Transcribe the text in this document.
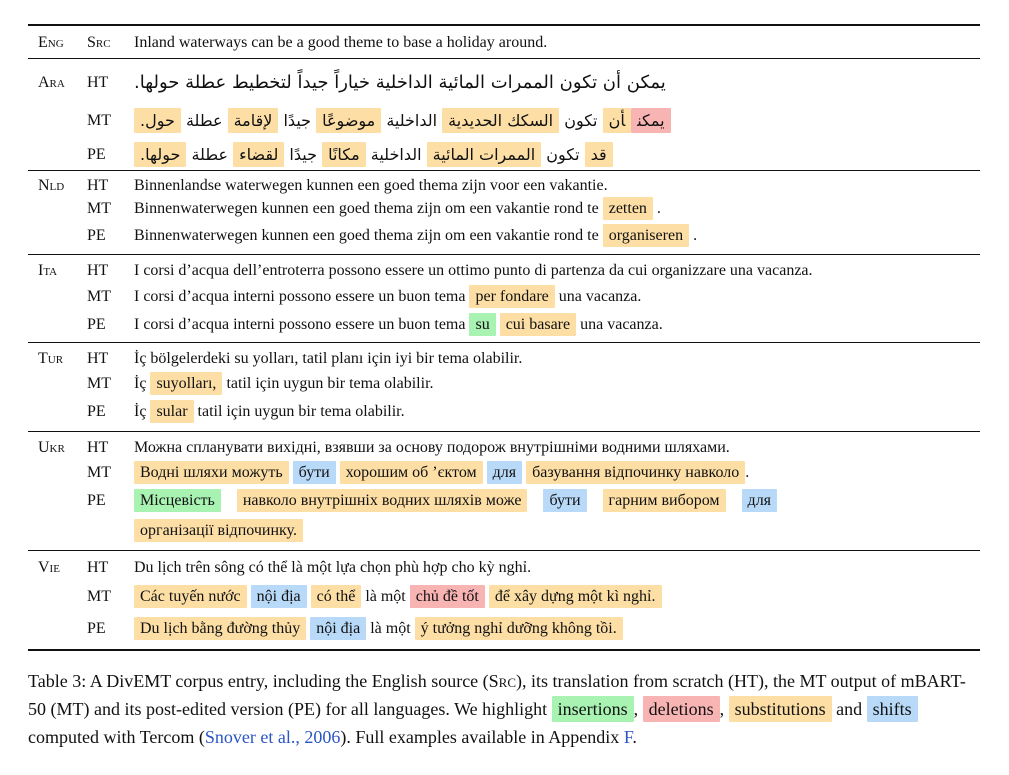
Eng Src Inland waterways can be a good theme to base a holiday around.
Ara HT يمكن أن تكون الممرات المائية الداخلية خياراً جيداً لتخطيط عطلة حولها.
MT	يمكنأن تكون السكك الحديدية الداخلية موضوعًا جيدًا لإقامة عطلة حول.
PE	قد تكون الممرات المائية الداخلية مكانًا جيدًا لقضاء عطلة حولها.
Nld HT Binnenlandse waterwegen kunnen een goed thema zijn voor een vakantie.
MT Binnenwaterwegen kunnen een goed thema zijn om een vakantie rond te zetten .
PE Binnenwaterwegen kunnen een goed thema zijn om een vakantie rond te organiseren .
Ita HT I corsi d’acqua dell’entroterra possono essere un ottimo punto di partenza da cui organizzare una vacanza.
MT I corsi d’acqua interni possono essere un buon tema per fondare una vacanza.
PE I corsi d’acqua interni possono essere un buon tema su cui basare una vacanza.
Tur HT İç bölgelerdeki su yolları, tatil planı için iyi bir tema olabilir.
MT İç suyolları, tatil için uygun bir tema olabilir.
PE İç sular tatil için uygun bir tema olabilir.
Ukr HT Можна спланувати вихідні, взявши за основу подорож внутрішніми водними шляхами.
MT	Водні шляхи можуть бути хорошим об ’єктом для базування відпочинку навколо .
PE	Місцевість навколо внутрішніх водних шляхів може бути гарним вибором для
організації відпочинку.
Vie HT Du lịch trên sông có thể là một lựa chọn phù hợp cho kỳ nghỉ.
MT	Các tuyến nước nội địa có thể là một chủ đề tốt để xây dựng một kì nghỉ.
PE	Du lịch bằng đường thủy nội địa là một ý tưởng nghỉ dưỡng không tồi.
Table 3: A DivEMT corpus entry, including the English source (Src), its translation from scratch (HT), the MT output of mBART-50 (MT) and its post-edited version (PE) for all languages. We highlight insertions , deletions , substitutions and shifts computed with Tercom (Snover et al., 2006). Full examples available in Appendix F.
